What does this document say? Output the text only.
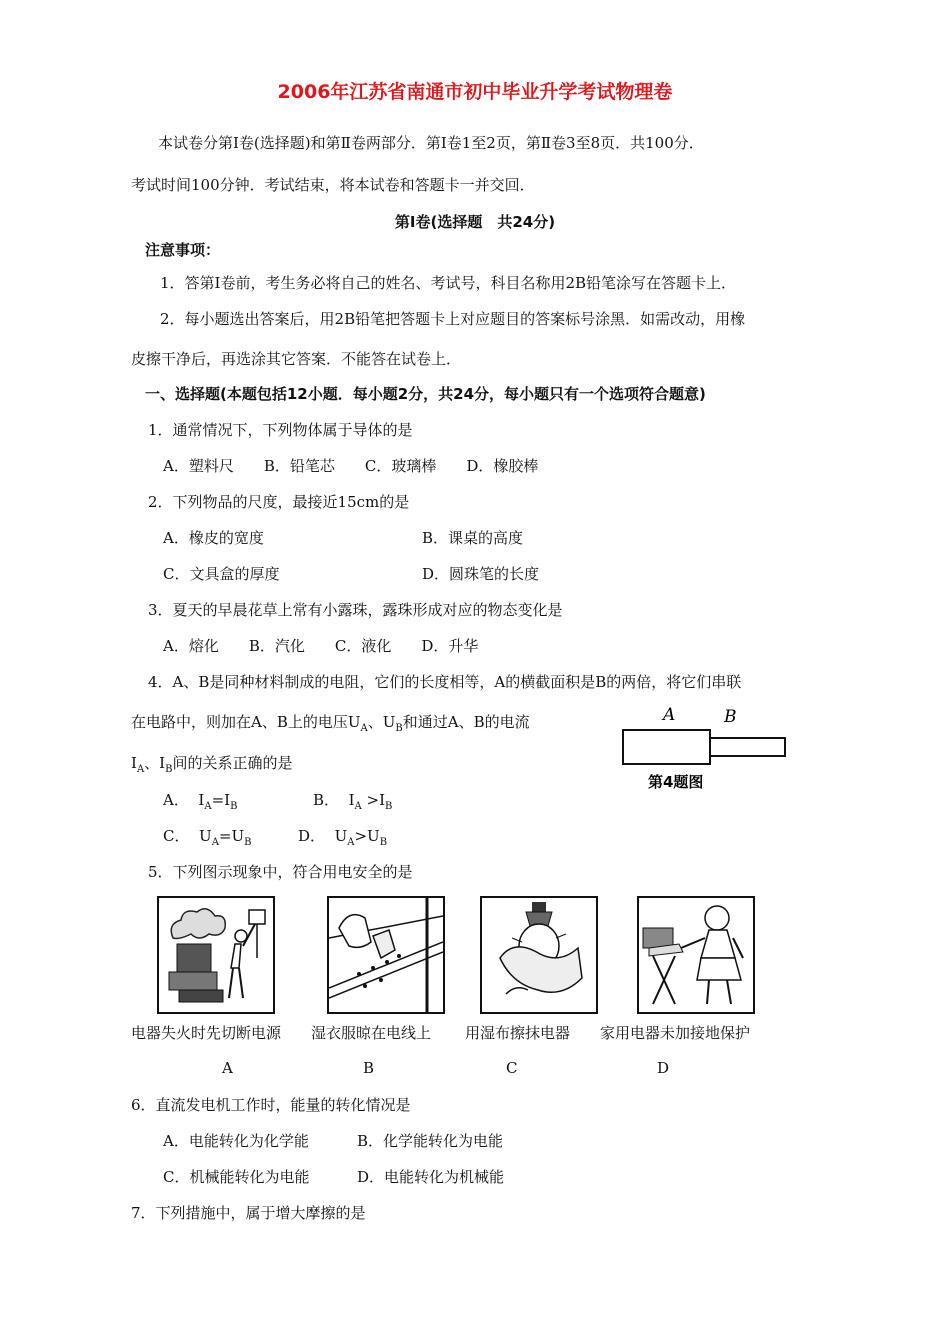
2006年江苏省南通市初中毕业升学考试物理卷
本试卷分第Ⅰ卷(选择题)和第Ⅱ卷两部分．第Ⅰ卷1至2页，第Ⅱ卷3至8页．共100分．
考试时间100分钟．考试结束，将本试卷和答题卡一并交回．
第Ⅰ卷(选择题　共24分)
注意事项：
1．答第Ⅰ卷前，考生务必将自己的姓名、考试号，科目名称用2B铅笔涂写在答题卡上．
2．每小题选出答案后，用2B铅笔把答题卡上对应题目的答案标号涂黑．如需改动，用橡
皮擦干净后，再选涂其它答案．不能答在试卷上．
一、选择题(本题包括12小题．每小题2分，共24分，每小题只有一个选项符合题意)
1．通常情况下，下列物体属于导体的是
A．塑料尺　　B．铅笔芯　　C．玻璃棒　　D．橡胶棒
2．下列物品的尺度，最接近15cm的是
A．橡皮的宽度	B．课桌的高度
C．文具盒的厚度	D．圆珠笔的长度
3．夏天的早晨花草上常有小露珠，露珠形成对应的物态变化是
A．熔化　　B．汽化　　C．液化　　D．升华
4．A、B是同种材料制成的电阻，它们的长度相等，A的横截面积是B的两倍，将它们串联
在电路中，则加在A、B上的电压$U_A$、$U_B$和通过A、B的电流
$I_A$、$I_B$间的关系正确的是
A． $I_A=I_B$	B． $I_A >I_B$
C． $U_A=U_B$	D． $U_A>U_B$
A	B
第4题图
5．下列图示现象中，符合用电安全的是
电器失火时先切断电源 湿衣服晾在电线上 用湿布擦抹电器 家用电器未加接地保护
A	B	C	D
6．直流发电机工作时，能量的转化情况是
A．电能转化为化学能	B．化学能转化为电能
C．机械能转化为电能	D．电能转化为机械能
7．下列措施中，属于增大摩擦的是
